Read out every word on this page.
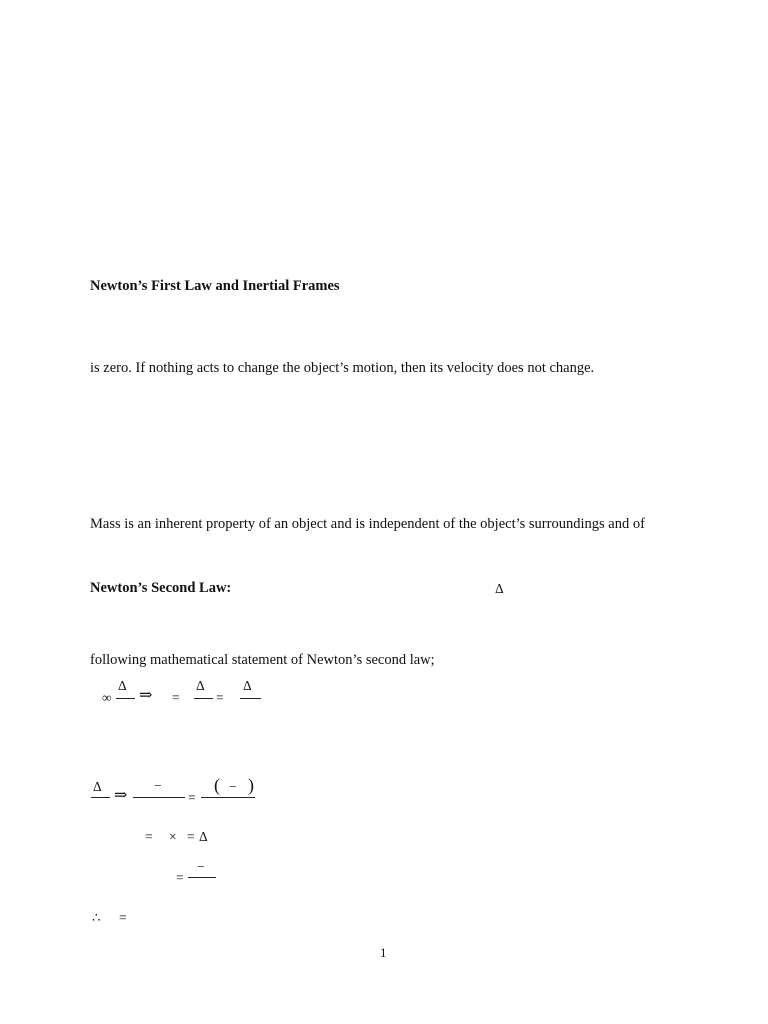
Newton’s First Law and Inertial Frames
is zero. If nothing acts to change the object’s motion, then its velocity does not change.
Mass is an inherent property of an object and is independent of the object’s surroundings and of
Newton’s Second Law:	Δ
following mathematical statement of Newton’s second law;
∞
Δ
⇒ =
Δ
=
Δ
Δ
⇒
−
=
( − )
= × = Δ
=
−
∴ =
1
